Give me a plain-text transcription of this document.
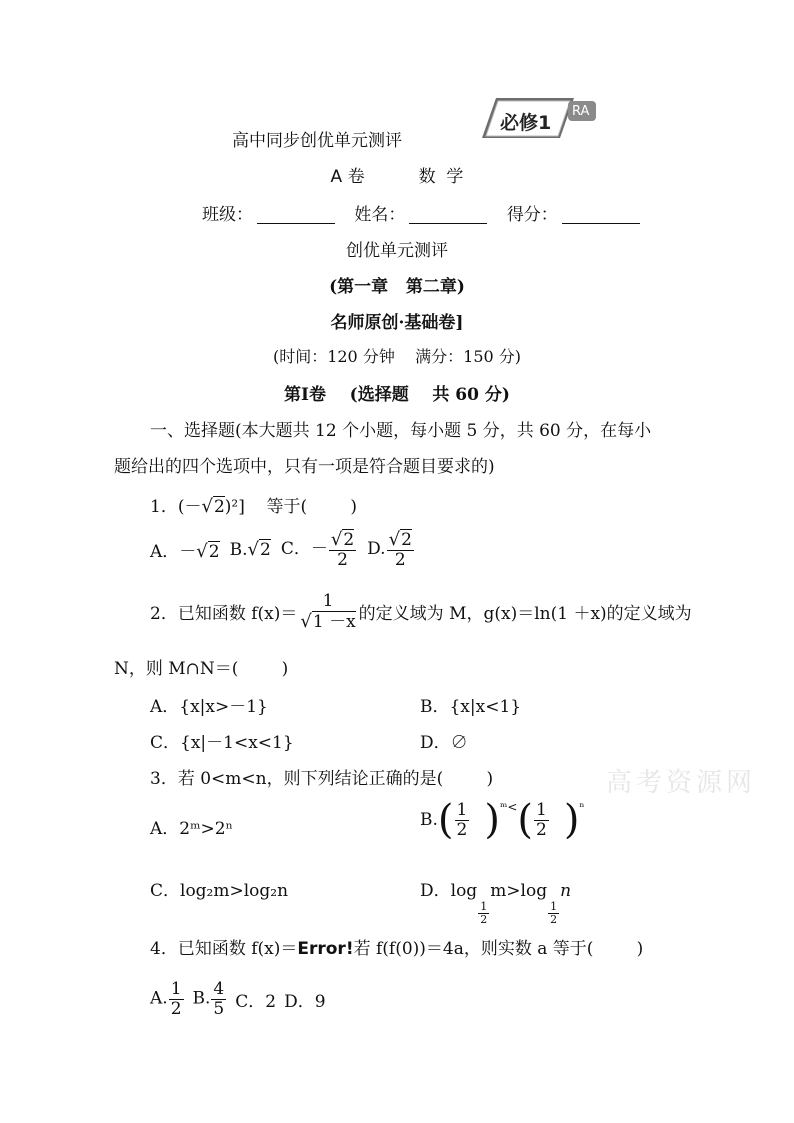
高中同步创优单元测评
必修1
RA
A 卷          数  学
班级：	姓名：	得分：
创优单元测评
(第一章   第二章)
名师原创·基础卷]
(时间：120 分钟    满分：150 分)
第Ⅰ卷    (选择题    共 60 分)
一、选择题(本大题共 12 个小题，每小题 5 分，共 60 分，在每小
题给出的四个选项中，只有一项是符合题目要求的)
1．(－√2)²]    等于(        )
A．－√2 B.√2 C．－ $\frac{√2}{2} D$. $\frac{√2}{2}$
2．已知函数 $f(x)= \frac{1}{√1 -x}$ 的定义域为 M，g(x)＝ln(1 ＋x)的定义域为
N，则 M∩N＝(        )
A．{x|x>－1}	B．{x|x<1}
C．{x|－1<x<1}	D．∅
高考资源网
3．若 0<m<n，则下列结论正确的是(        )
A．2ᵐ>2ⁿ	B. ( $\frac{1}{2}$ ) ᵐ< ( $\frac{1}{2}$ ) ⁿ
C．log₂m>log₂n	D．log
$\frac{1}{2}$
m>log
$\frac{1}{2}$
n
4．已知函数 f(x)＝Error!若 f(f(0))＝4a，则实数 a 等于(        )
A. $\frac{1}{2} B$. $\frac{4}{5}$ C．2 D．9
